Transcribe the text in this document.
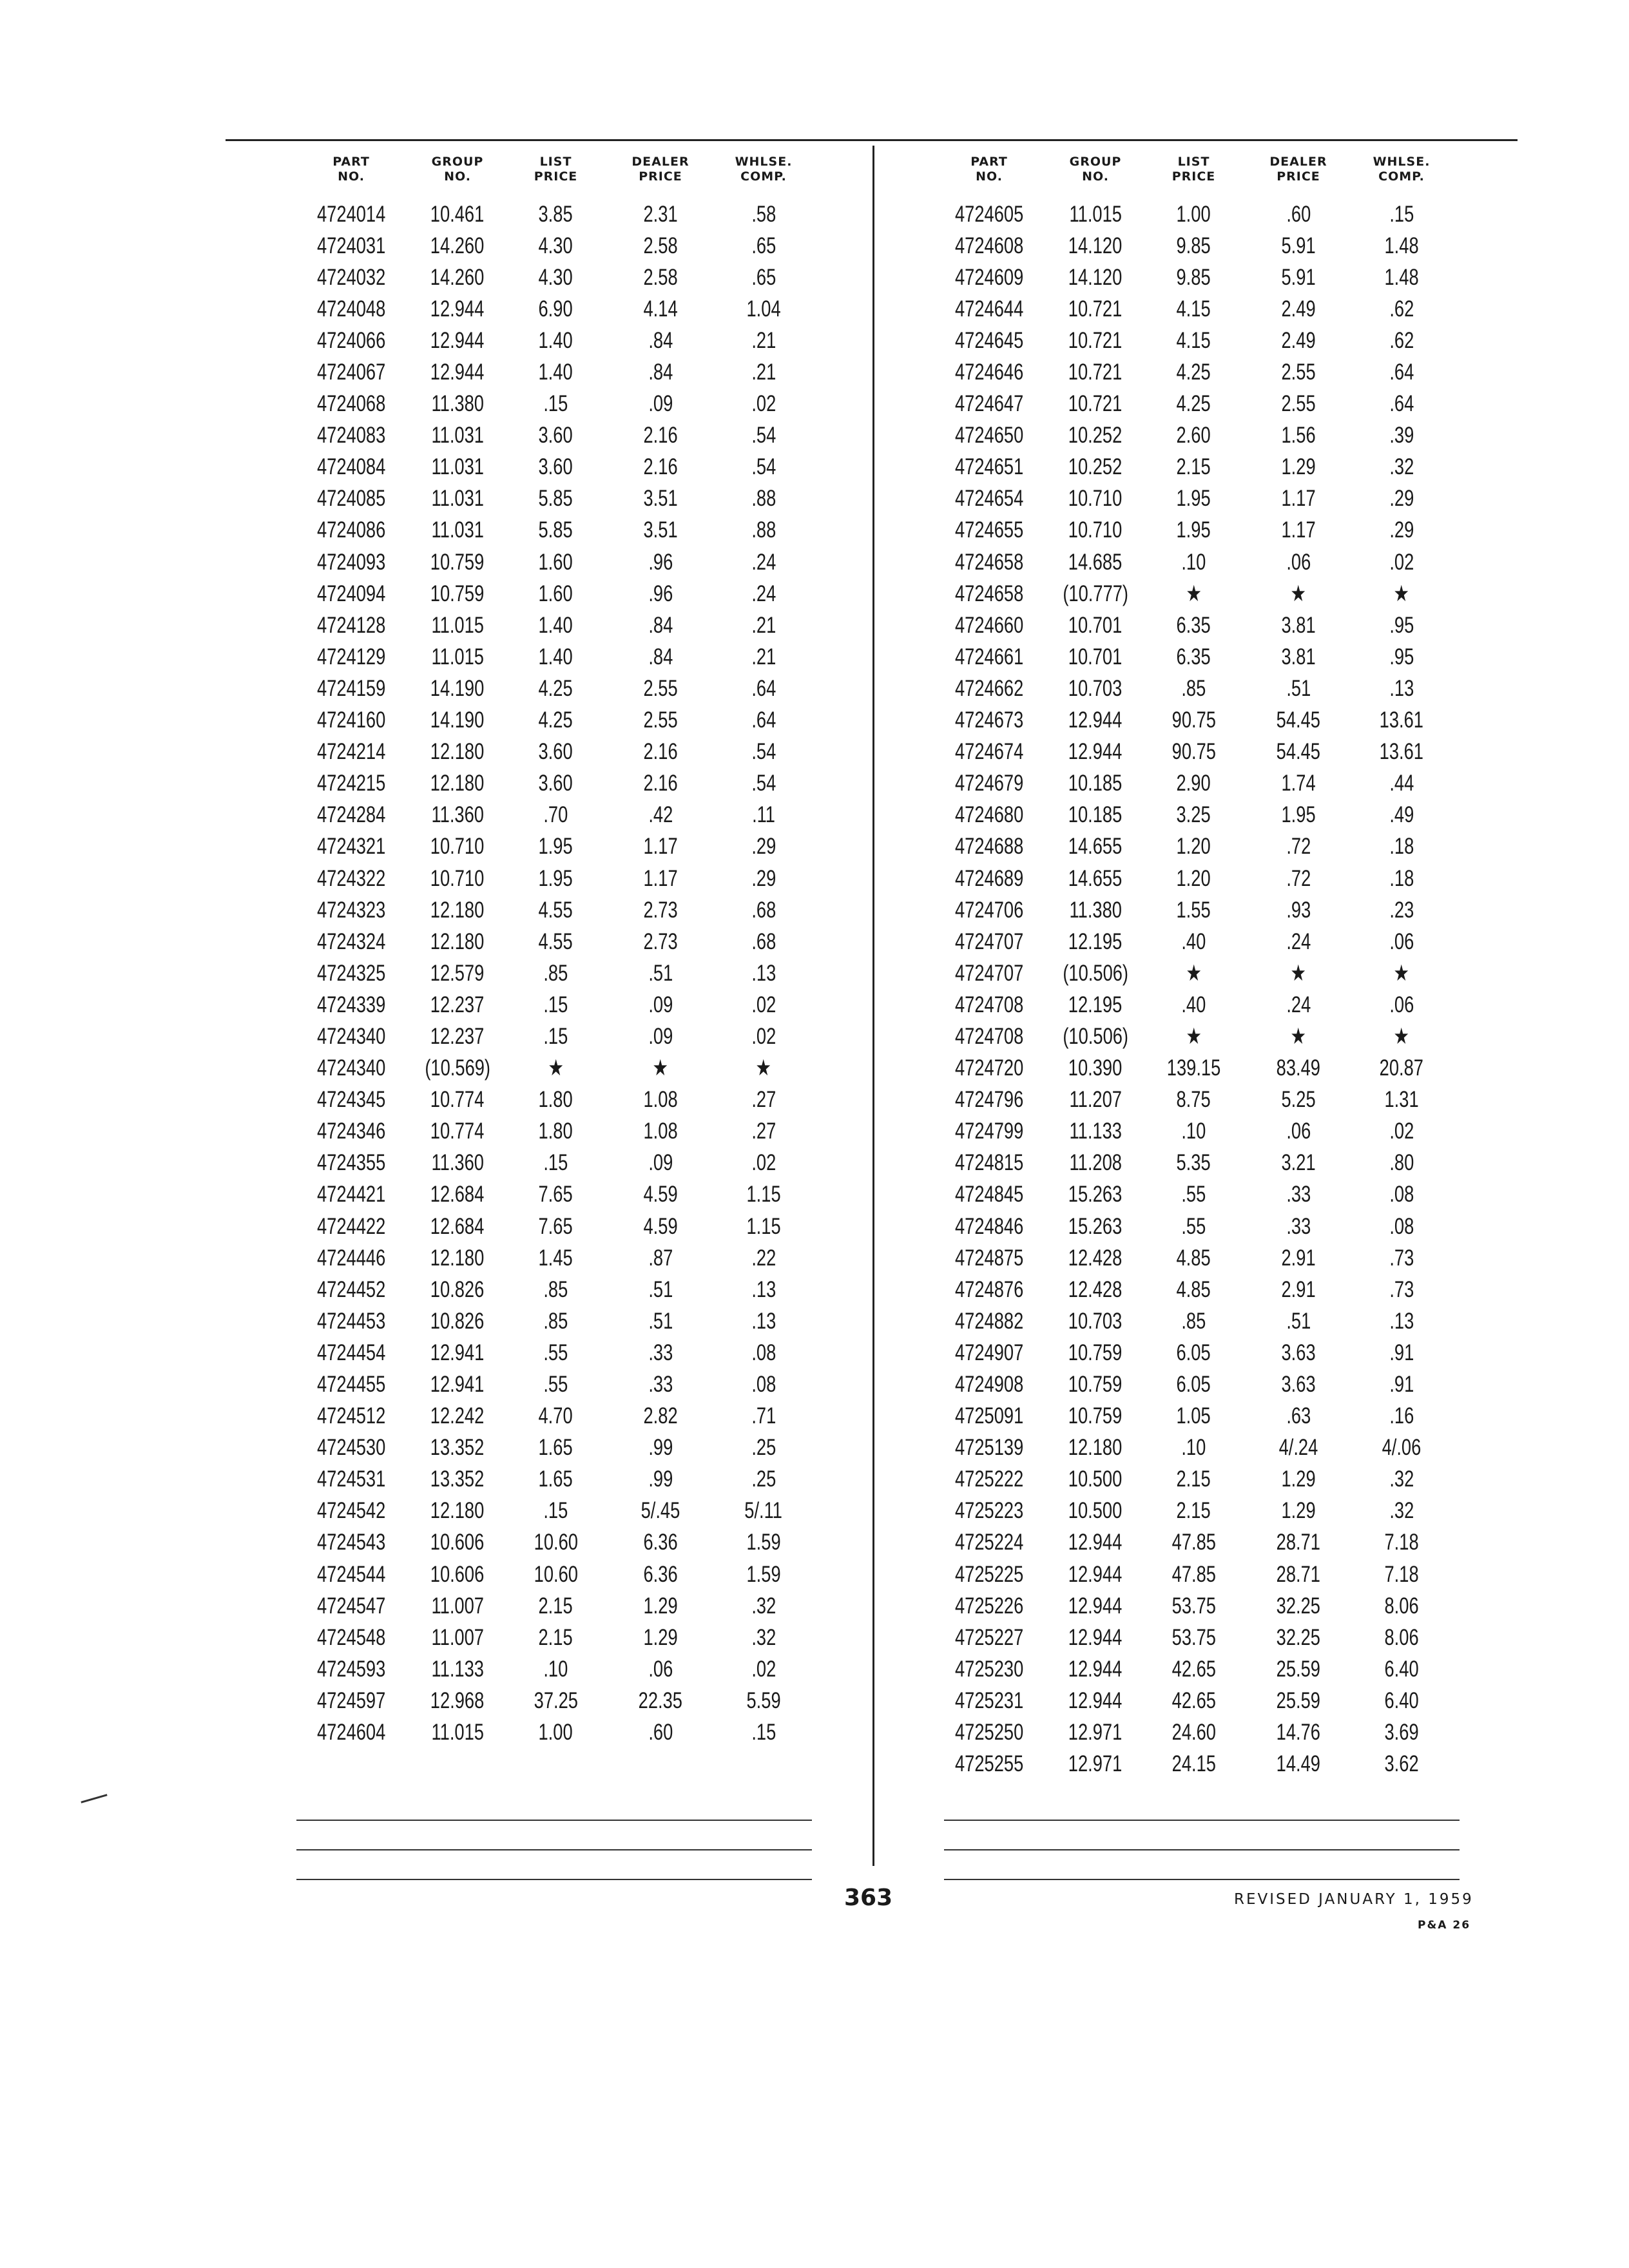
PART
NO.
GROUP
NO.
LIST
PRICE
DEALER
PRICE
WHLSE.
COMP.
4724014	10.461	3.85	2.31	.58
4724031	14.260	4.30	2.58	.65
4724032	14.260	4.30	2.58	.65
4724048	12.944	6.90	4.14	1.04
4724066	12.944	1.40	.84	.21
4724067	12.944	1.40	.84	.21
4724068	11.380	.15	.09	.02
4724083	11.031	3.60	2.16	.54
4724084	11.031	3.60	2.16	.54
4724085	11.031	5.85	3.51	.88
4724086	11.031	5.85	3.51	.88
4724093	10.759	1.60	.96	.24
4724094	10.759	1.60	.96	.24
4724128	11.015	1.40	.84	.21
4724129	11.015	1.40	.84	.21
4724159	14.190	4.25	2.55	.64
4724160	14.190	4.25	2.55	.64
4724214	12.180	3.60	2.16	.54
4724215	12.180	3.60	2.16	.54
4724284	11.360	.70	.42	.11
4724321	10.710	1.95	1.17	.29
4724322	10.710	1.95	1.17	.29
4724323	12.180	4.55	2.73	.68
4724324	12.180	4.55	2.73	.68
4724325	12.579	.85	.51	.13
4724339	12.237	.15	.09	.02
4724340	12.237	.15	.09	.02
4724340	(10.569)	★	★	★
4724345	10.774	1.80	1.08	.27
4724346	10.774	1.80	1.08	.27
4724355	11.360	.15	.09	.02
4724421	12.684	7.65	4.59	1.15
4724422	12.684	7.65	4.59	1.15
4724446	12.180	1.45	.87	.22
4724452	10.826	.85	.51	.13
4724453	10.826	.85	.51	.13
4724454	12.941	.55	.33	.08
4724455	12.941	.55	.33	.08
4724512	12.242	4.70	2.82	.71
4724530	13.352	1.65	.99	.25
4724531	13.352	1.65	.99	.25
4724542	12.180	.15	5/.45	5/.11
4724543	10.606	10.60	6.36	1.59
4724544	10.606	10.60	6.36	1.59
4724547	11.007	2.15	1.29	.32
4724548	11.007	2.15	1.29	.32
4724593	11.133	.10	.06	.02
4724597	12.968	37.25	22.35	5.59
4724604	11.015	1.00	.60	.15
PART
NO.
GROUP
NO.
LIST
PRICE
DEALER
PRICE
WHLSE.
COMP.
4724605	11.015	1.00	.60	.15
4724608	14.120	9.85	5.91	1.48
4724609	14.120	9.85	5.91	1.48
4724644	10.721	4.15	2.49	.62
4724645	10.721	4.15	2.49	.62
4724646	10.721	4.25	2.55	.64
4724647	10.721	4.25	2.55	.64
4724650	10.252	2.60	1.56	.39
4724651	10.252	2.15	1.29	.32
4724654	10.710	1.95	1.17	.29
4724655	10.710	1.95	1.17	.29
4724658	14.685	.10	.06	.02
4724658	(10.777)	★	★	★
4724660	10.701	6.35	3.81	.95
4724661	10.701	6.35	3.81	.95
4724662	10.703	.85	.51	.13
4724673	12.944	90.75	54.45	13.61
4724674	12.944	90.75	54.45	13.61
4724679	10.185	2.90	1.74	.44
4724680	10.185	3.25	1.95	.49
4724688	14.655	1.20	.72	.18
4724689	14.655	1.20	.72	.18
4724706	11.380	1.55	.93	.23
4724707	12.195	.40	.24	.06
4724707	(10.506)	★	★	★
4724708	12.195	.40	.24	.06
4724708	(10.506)	★	★	★
4724720	10.390	139.15	83.49	20.87
4724796	11.207	8.75	5.25	1.31
4724799	11.133	.10	.06	.02
4724815	11.208	5.35	3.21	.80
4724845	15.263	.55	.33	.08
4724846	15.263	.55	.33	.08
4724875	12.428	4.85	2.91	.73
4724876	12.428	4.85	2.91	.73
4724882	10.703	.85	.51	.13
4724907	10.759	6.05	3.63	.91
4724908	10.759	6.05	3.63	.91
4725091	10.759	1.05	.63	.16
4725139	12.180	.10	4/.24	4/.06
4725222	10.500	2.15	1.29	.32
4725223	10.500	2.15	1.29	.32
4725224	12.944	47.85	28.71	7.18
4725225	12.944	47.85	28.71	7.18
4725226	12.944	53.75	32.25	8.06
4725227	12.944	53.75	32.25	8.06
4725230	12.944	42.65	25.59	6.40
4725231	12.944	42.65	25.59	6.40
4725250	12.971	24.60	14.76	3.69
4725255	12.971	24.15	14.49	3.62
363	REVISED JANUARY 1, 1959
P&A 26
